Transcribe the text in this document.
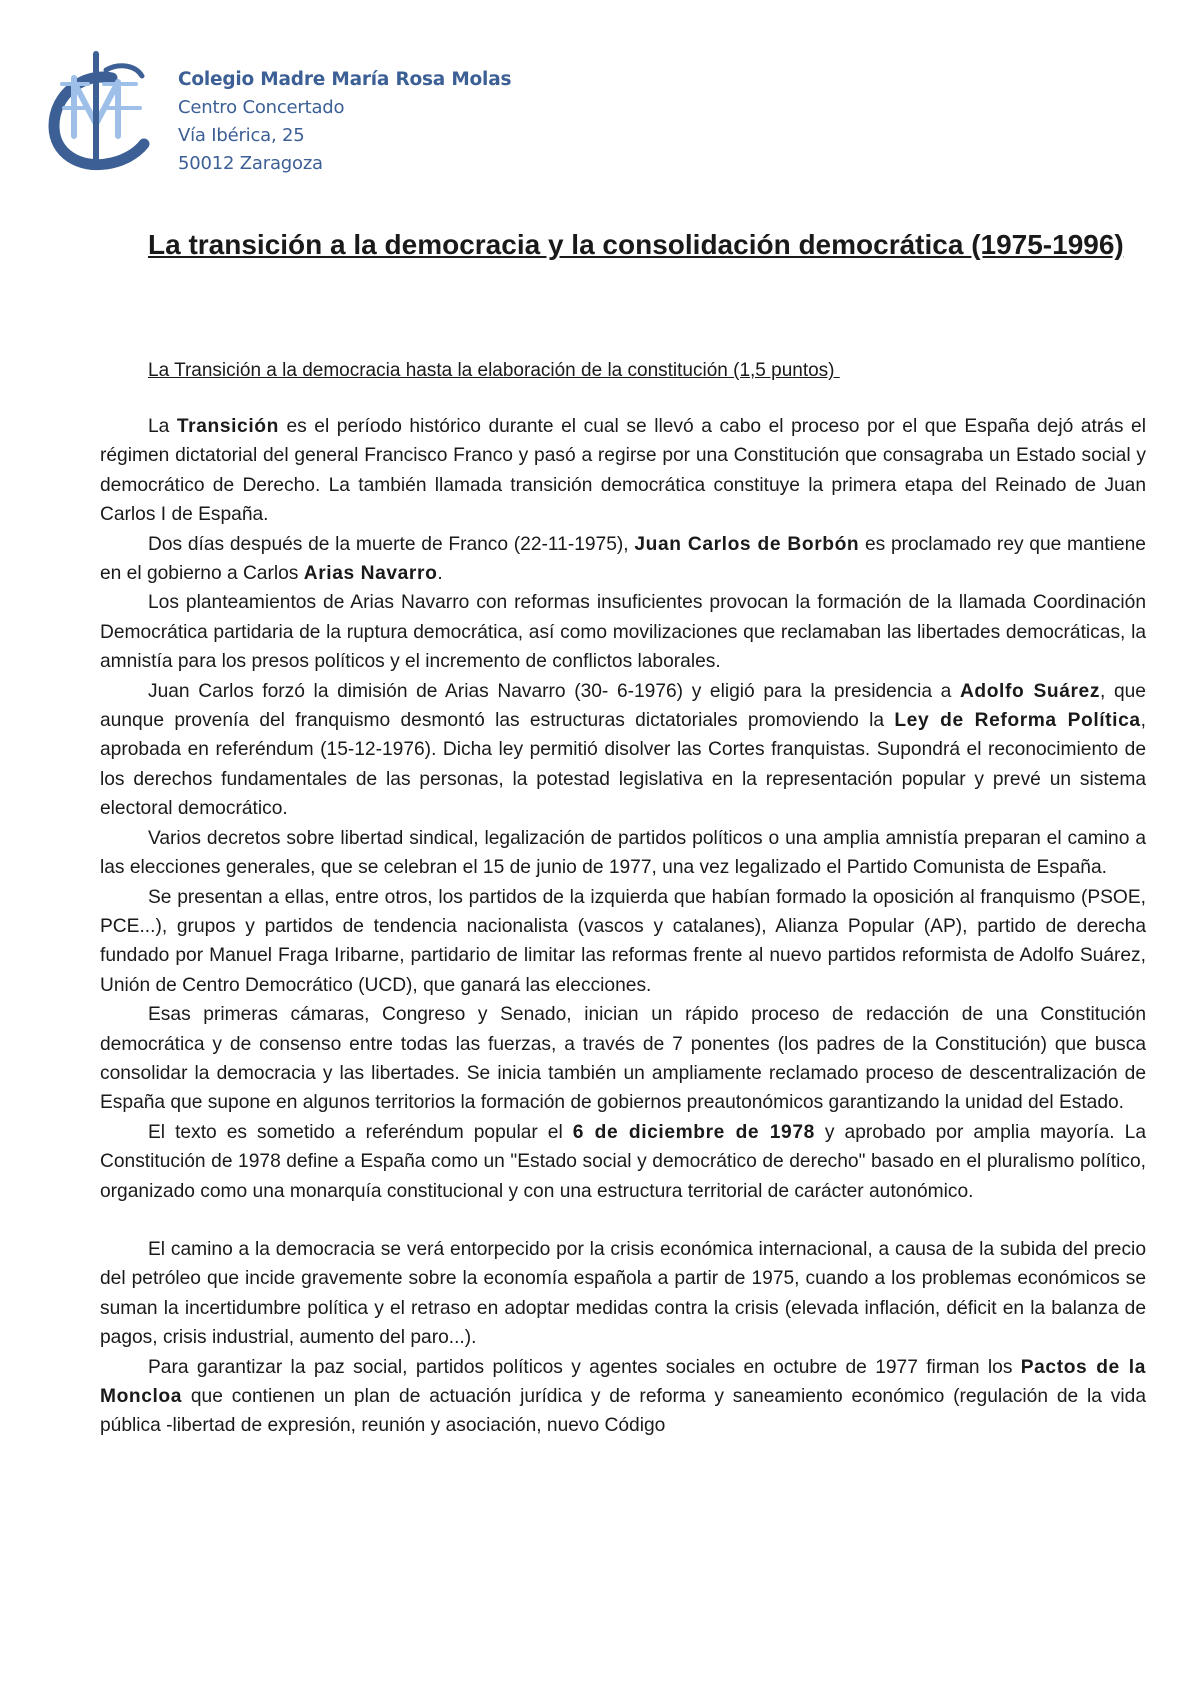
Colegio Madre María Rosa Molas
Centro Concertado
Vía Ibérica, 25
50012 Zaragoza
La transición a la democracia y la consolidación democrática (1975-1996)

La Transición a la democracia hasta la elaboración de la constitución (1,5 puntos)

La Transición es el período histórico durante el cual se llevó a cabo el proceso por el que España dejó atrás el régimen dictatorial del general Francisco Franco y pasó a regirse por una Constitución que consagraba un Estado social y democrático de Derecho. La también llamada transición democrática constituye la primera etapa del Reinado de Juan Carlos I de España.

Dos días después de la muerte de Franco (22-11-1975), Juan Carlos de Borbón es proclamado rey que mantiene en el gobierno a Carlos Arias Navarro.

Los planteamientos de Arias Navarro con reformas insuficientes provocan la formación de la llamada Coordinación Democrática partidaria de la ruptura democrática, así como movilizaciones que reclamaban las libertades democráticas, la amnistía para los presos políticos y el incremento de conflictos laborales.

Juan Carlos forzó la dimisión de Arias Navarro (30- 6-1976) y eligió para la presidencia a Adolfo Suárez, que aunque provenía del franquismo desmontó las estructuras dictatoriales promoviendo la Ley de Reforma Política, aprobada en referéndum (15-12-1976). Dicha ley permitió disolver las Cortes franquistas. Supondrá el reconocimiento de los derechos fundamentales de las personas, la potestad legislativa en la representación popular y prevé un sistema electoral democrático.

Varios decretos sobre libertad sindical, legalización de partidos políticos o una amplia amnistía preparan el camino a las elecciones generales, que se celebran el 15 de junio de 1977, una vez legalizado el Partido Comunista de España.

Se presentan a ellas, entre otros, los partidos de la izquierda que habían formado la oposición al franquismo (PSOE, PCE...), grupos y partidos de tendencia nacionalista (vascos y catalanes), Alianza Popular (AP), partido de derecha fundado por Manuel Fraga Iribarne, partidario de limitar las reformas frente al nuevo partidos reformista de Adolfo Suárez, Unión de Centro Democrático (UCD), que ganará las elecciones.

Esas primeras cámaras, Congreso y Senado, inician un rápido proceso de redacción de una Constitución democrática y de consenso entre todas las fuerzas, a través de 7 ponentes (los padres de la Constitución) que busca consolidar la democracia y las libertades. Se inicia también un ampliamente reclamado proceso de descentralización de España que supone en algunos territorios la formación de gobiernos preautonómicos garantizando la unidad del Estado.

El texto es sometido a referéndum popular el 6 de diciembre de 1978 y aprobado por amplia mayoría. La Constitución de 1978 define a España como un "Estado social y democrático de derecho" basado en el pluralismo político, organizado como una monarquía constitucional y con una estructura territorial de carácter autonómico.

El camino a la democracia se verá entorpecido por la crisis económica internacional, a causa de la subida del precio del petróleo que incide gravemente sobre la economía española a partir de 1975, cuando a los problemas económicos se suman la incertidumbre política y el retraso en adoptar medidas contra la crisis (elevada inflación, déficit en la balanza de pagos, crisis industrial, aumento del paro...).

Para garantizar la paz social, partidos políticos y agentes sociales en octubre de 1977 firman los Pactos de la Moncloa que contienen un plan de actuación jurídica y de reforma y saneamiento económico (regulación de la vida pública -libertad de expresión, reunión y asociación, nuevo Código
